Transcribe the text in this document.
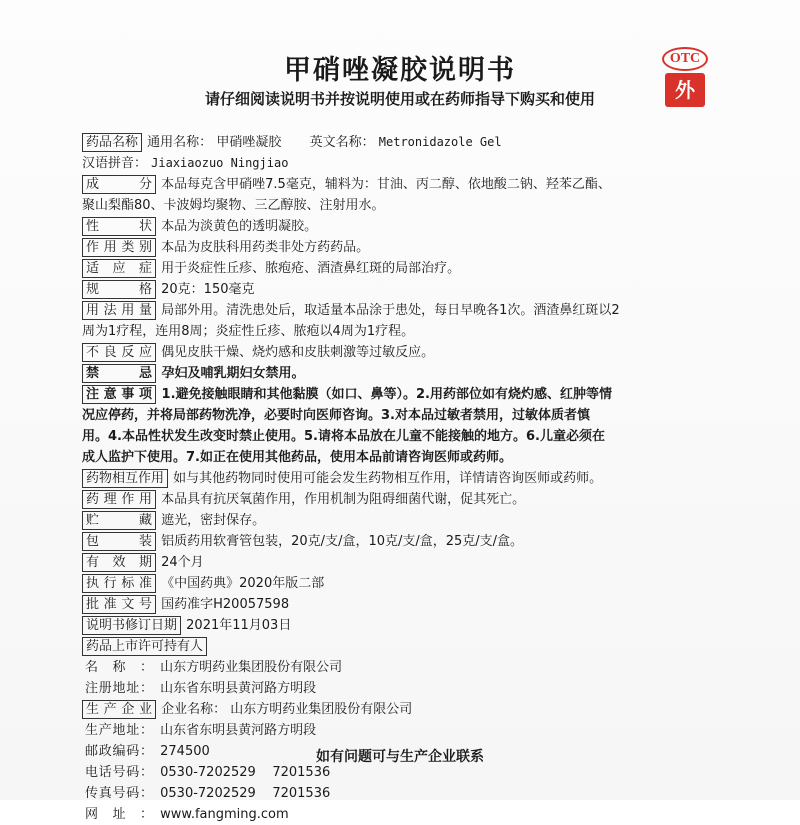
甲硝唑凝胶说明书
请仔细阅读说明书并按说明使用或在药师指导下购买和使用
OTC
外
药品名称 通用名称： 甲硝唑凝胶 英文名称： Metronidazole Gel
汉语拼音： Jiaxiaozuo Ningjiao
成分 本品每克含甲硝唑7.5毫克，辅料为：甘油、丙二醇、依地酸二钠、羟苯乙酯、
聚山梨酯80、卡波姆均聚物、三乙醇胺、注射用水。
性状 本品为淡黄色的透明凝胶。
作用类别 本品为皮肤科用药类非处方药药品。
适应症 用于炎症性丘疹、脓疱疮、酒渣鼻红斑的局部治疗。
规格 20克：150毫克
用法用量 局部外用。清洗患处后，取适量本品涂于患处，每日早晚各1次。酒渣鼻红斑以2
周为1疗程，连用8周；炎症性丘疹、脓疱以4周为1疗程。
不良反应 偶见皮肤干燥、烧灼感和皮肤刺激等过敏反应。
禁忌 孕妇及哺乳期妇女禁用。
注意事项 1.避免接触眼睛和其他黏膜（如口、鼻等）。2.用药部位如有烧灼感、红肿等情
况应停药，并将局部药物洗净，必要时向医师咨询。3.对本品过敏者禁用，过敏体质者慎
用。4.本品性状发生改变时禁止使用。5.请将本品放在儿童不能接触的地方。6.儿童必须在
成人监护下使用。7.如正在使用其他药品，使用本品前请咨询医师或药师。
药物相互作用 如与其他药物同时使用可能会发生药物相互作用，详情请咨询医师或药师。
药理作用 本品具有抗厌氧菌作用，作用机制为阻碍细菌代谢，促其死亡。
贮藏 遮光，密封保存。
包装 铝质药用软膏管包装，20克/支/盒，10克/支/盒，25克/支/盒。
有效期 24个月
执行标准 《中国药典》2020年版二部
批准文号 国药准字H20057598
说明书修订日期 2021年11月03日
药品上市许可持有人
名称： 山东方明药业集团股份有限公司
注册地址： 山东省东明县黄河路方明段
生产企业 企业名称： 山东方明药业集团股份有限公司
生产地址： 山东省东明县黄河路方明段
邮政编码： 274500
电话号码： 0530-7202529    7201536
传真号码： 0530-7202529    7201536
网址： www.fangming.com
如有问题可与生产企业联系
